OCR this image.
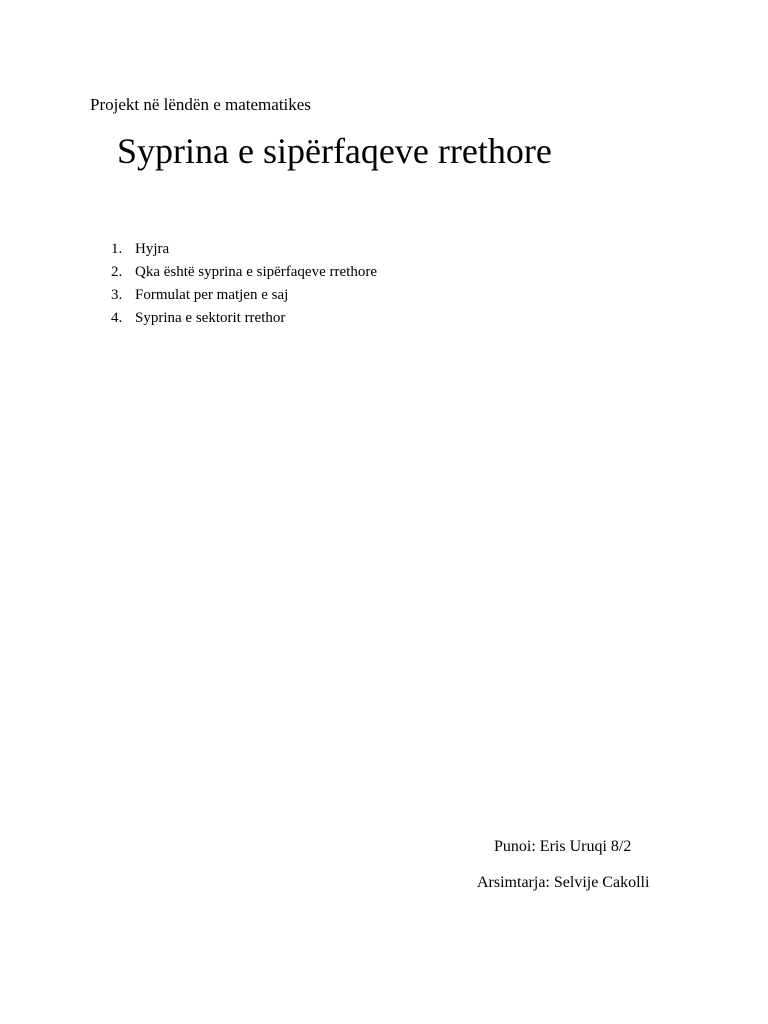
Projekt në lëndën e matematikes
Syprina e sipërfaqeve rrethore
1. Hyjra
2. Qka është syprina e sipërfaqeve rrethore
3. Formulat per matjen e saj
4. Syprina e sektorit rrethor
Punoi: Eris Uruqi 8/2
Arsimtarja: Selvije Cakolli
